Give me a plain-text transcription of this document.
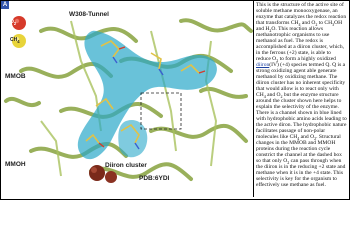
A
$O_2$
$CH_4$
W308-Tunnel
MMOB
MMOH	Diiron cluster
PDB:6YDI

This is the structure of the active site of soluble methane monooxygenase, an enzyme that catalyzes the redox reaction that transforms $CH_4$ and $O_2$ to $CH_3OH$ and $H_2O$. This reaction allows methanotrophic organisms to use methanol as fuel. The redox is accomplished at a diiron cluster, which, in the ferrous (+2) state, is able to reduce $O_2$ to form a highly oxidized diiron(IV) (+4) species termed Q. Q is a strong oxidizing agent able generate methanol by oxidizing methane. The diiron cluster has no inherent specificity that would allow is to react only with $CH_4$ and $O_2$ but the enzyme structure around the cluster shown here helps to explain the selectivity of the enzyme. There is a channel shown in blue lined with hydrophobic amino acids leading to the active diron. The hydrophobic nature facilitates passage of non-polar molecules like $CH_4$ and $O_2$. Structural changes in the MMOB and MMOH proteins during the reaction cycle constrict the channel at the dashed box so that only $O_2$ can pass through when the diiron is in the reducing +2 state and methane when it is in the +4 state. This selectivity is key for the organism to effectively use methane as fuel.
